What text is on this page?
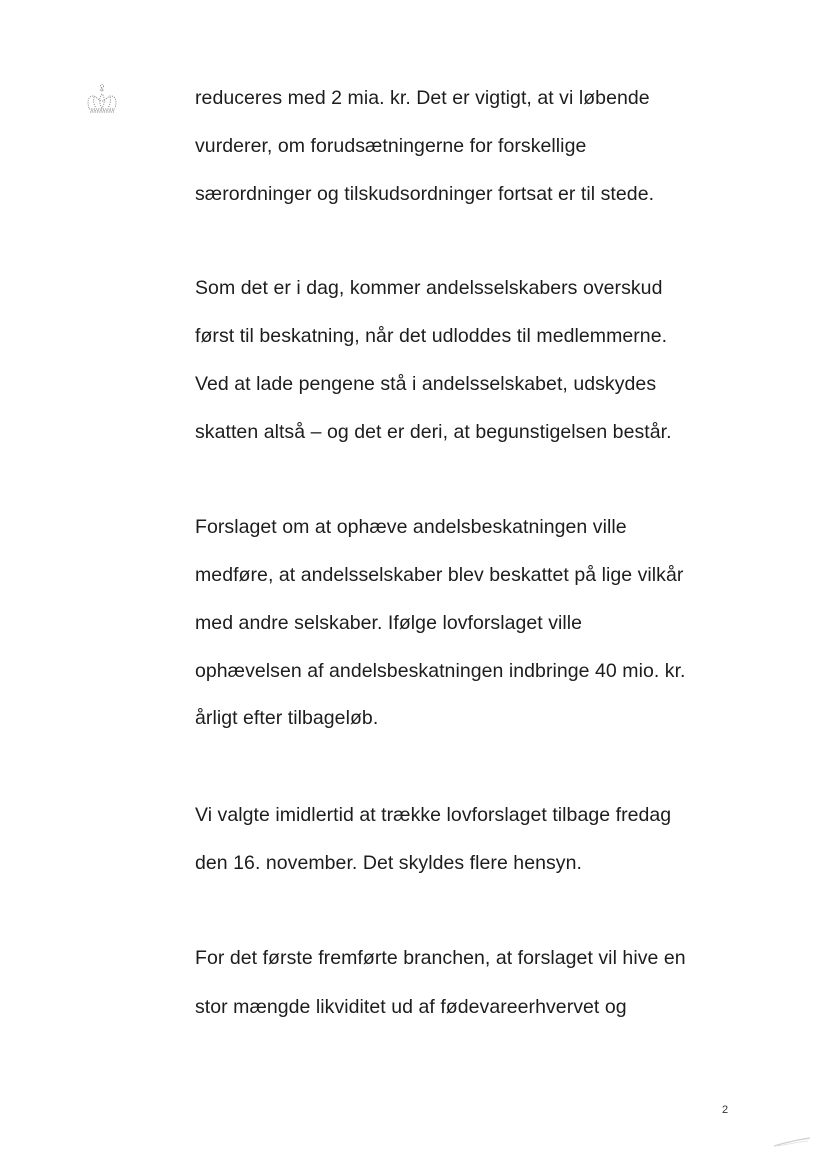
reduceres med 2 mia. kr. Det er vigtigt, at vi løbende
vurderer, om forudsætningerne for forskellige
særordninger og tilskudsordninger fortsat er til stede.
Som det er i dag, kommer andelsselskabers overskud
først til beskatning, når det udloddes til medlemmerne.
Ved at lade pengene stå i andelsselskabet, udskydes
skatten altså – og det er deri, at begunstigelsen består.
Forslaget om at ophæve andelsbeskatningen ville
medføre, at andelsselskaber blev beskattet på lige vilkår
med andre selskaber. Ifølge lovforslaget ville
ophævelsen af andelsbeskatningen indbringe 40 mio. kr.
årligt efter tilbageløb.
Vi valgte imidlertid at trække lovforslaget tilbage fredag
den 16. november. Det skyldes flere hensyn.
For det første fremførte branchen, at forslaget vil hive en
stor mængde likviditet ud af fødevareerhvervet og
2
